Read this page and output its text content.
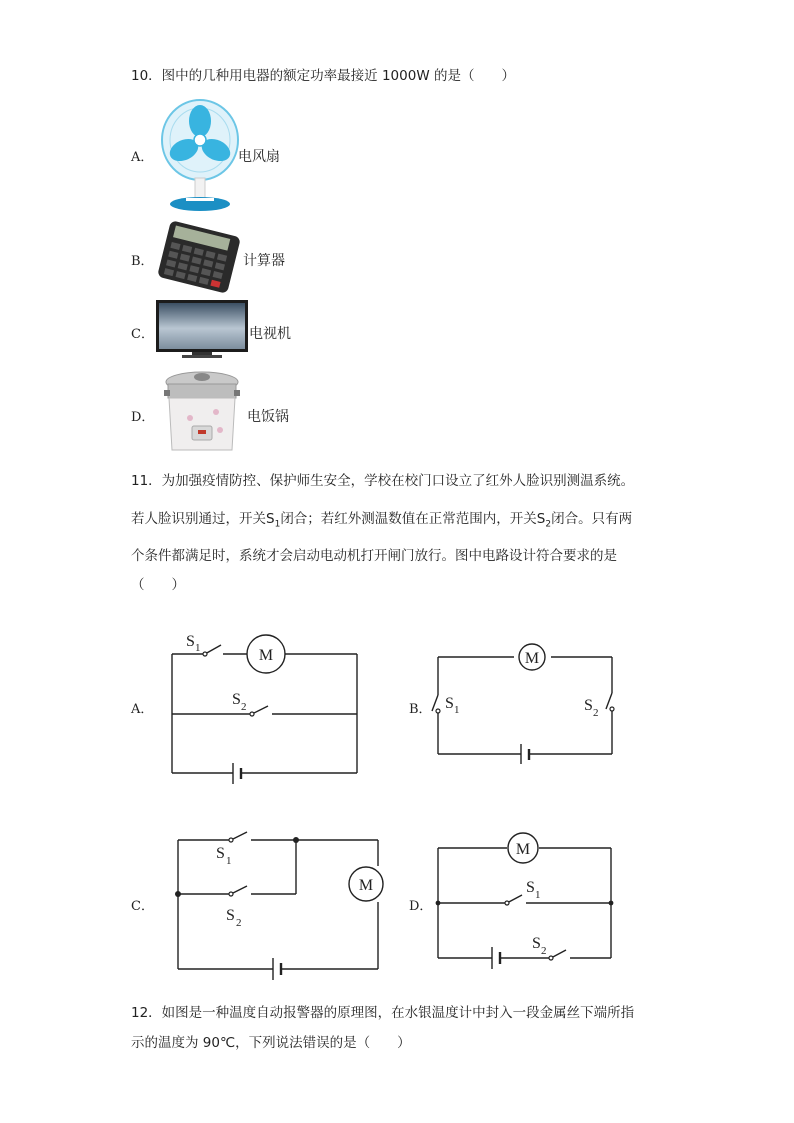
10．图中的几种用电器的额定功率最接近 1000W 的是（　　）
A．	电风扇
B．	计算器
C．	电视机
D．	电饭锅
11．为加强疫情防控、保护师生安全，学校在校门口设立了红外人脸识别测温系统。
若人脸识别通过，开关$S_1$闭合；若红外测温数值在正常范围内，开关$S_2$闭合。只有两
个条件都满足时，系统才会启动电动机打开闸门放行。图中电路设计符合要求的是
（　　）
A．	B．
C．	D．
M
S 1
S 2
M
S 1	S 2
M
S 1
S 2
M
S 1
S 2
12．如图是一种温度自动报警器的原理图，在水银温度计中封入一段金属丝下端所指
示的温度为 90℃，下列说法错误的是（　　）
